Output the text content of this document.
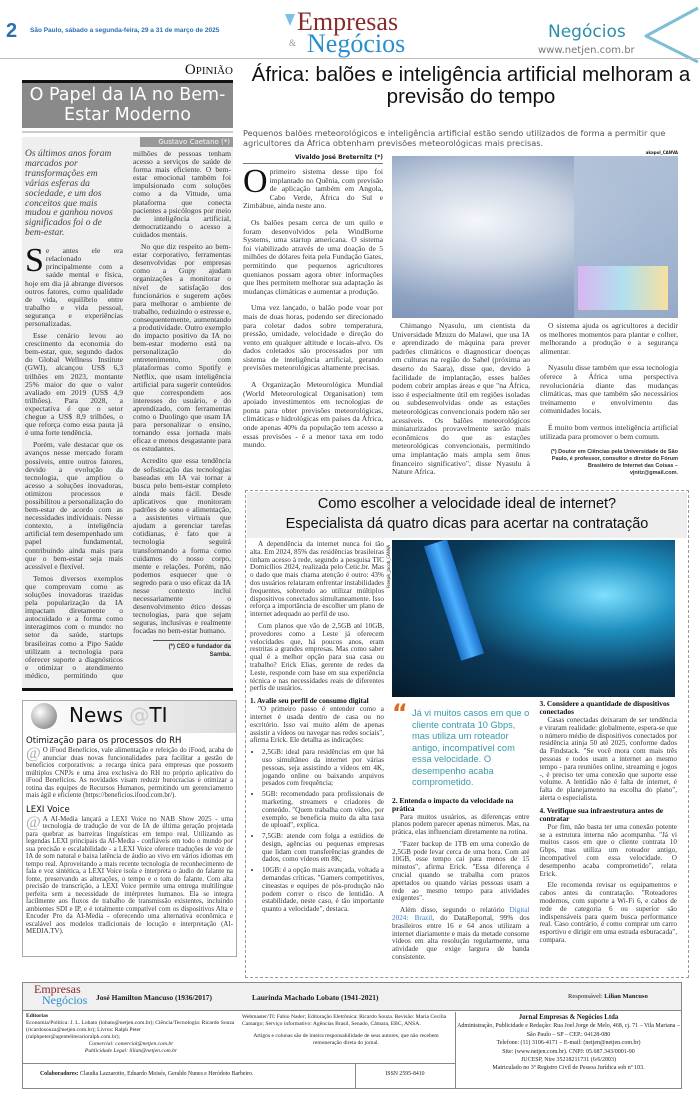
2 São Paulo, sábado a segunda-feira, 29 a 31 de março de 2025	Empresas
& Negócios	Negócios
www.netjen.com.br
Opinião
O Papel da IA no Bem-Estar Moderno
Gustavo Caetano (*)
Os últimos anos foram marcados por transformações em várias esferas da sociedade, e um dos conceitos que mais mudou e ganhou novos significados foi o de bem-estar.

Se antes ele era relacionado principalmente com a saúde mental e física, hoje em dia já abrange diversos outros fatores, como qualidade de vida, equilíbrio entre trabalho e vida pessoal, segurança e experiências personalizadas.

Esse cenário levou ao crescimento da economia do bem-estar, que, segundo dados do Global Wellness Institute (GWI), alcançou US$ 6,3 trilhões em 2023, montante 25% maior do que o valor avaliado em 2019 (US$ 4,9 trilhões). Para 2028, a expectativa é que o setor chegue a US$ 8,9 trilhões, o que reforça como essa pauta já é uma forte tendência.

Porém, vale destacar que os avanços nesse mercado foram possíveis, entre outros fatores, devido a evolução da tecnologia, que ampliou o acesso a soluções inovadoras, otimizou processos e possibilitou a personalização do bem-estar de acordo com as necessidades individuais. Nesse contexto, a inteligência artificial tem desempenhado um papel fundamental, contribuindo ainda mais para que o bem-estar seja mais acessível e flexível.

Temos diversos exemplos que comprovam como as soluções inovadoras trazidas pela popularização da IA impactam diretamente o autocuidado e a forma como interagimos com o mundo: no setor da saúde, startups brasileiras como a Pipo Saúde utilizam a tecnologia para oferecer suporte a diagnósticos e otimizar o atendimento médico, permitindo que milhões de pessoas tenham acesso a serviços de saúde de forma mais eficiente. O bem-estar emocional também foi impulsionado com soluções como a da Vittude, uma plataforma que conecta pacientes a psicólogos por meio de inteligência artificial, democratizando o acesso a cuidados mentais.

No que diz respeito ao bem-estar corporativo, ferramentas desenvolvidas por empresas como a Gupy ajudam organizações a monitorar o nível de satisfação dos funcionários e sugerem ações para melhorar o ambiente de trabalho, reduzindo o estresse e, consequentemente, aumentando a produtividade. Outro exemplo do impacto positivo da IA no bem-estar moderno está na personalização do entretenimento, com plataformas como Spotify e Netflix, que usam inteligência artificial para sugerir conteúdos que correspondem aos interesses do usuário, e do aprendizado, com ferramentas como o Duolingo que usam IA para personalizar o ensino, tornando essa jornada mais eficaz e menos desgastante para os estudantes.

Acredito que essa tendência de sofisticação das tecnologias baseadas em IA vai tornar a busca pelo bem-estar completo ainda mais fácil. Desde aplicativos que monitoram padrões de sono e alimentação, a assistentes virtuais que ajudam a gerenciar tarefas cotidianas, é fato que a tecnologia seguirá transformando a forma como cuidamos do nosso corpo, mente e relações. Porém, não podemos esquecer que o segredo para o uso eficaz da IA nesse contexto inclui necessariamente o desenvolvimento ético dessas tecnologias, para que sejam seguras, inclusivas e realmente focadas no bem-estar humano.

(*) CEO e fundador da Samba.
África: balões e inteligência artificial melhoram a previsão do tempo
Pequenos balões meteorológicos e inteligência artificial estão sendo utilizados de forma a permitir que agricultores da África obtenham previsões meteorológicas mais precisas.
Vivaldo José Breternitz (*)

Oprimeiro sistema desse tipo foi implantado no Quênia, com previsão de aplicação também em Angola, Cabo Verde, África do Sul e Zimbábue, ainda neste ano.

Os balões pesam cerca de um quilo e foram desenvolvidos pela WindBorne Systems, uma startup americana. O sistema foi viabilizado através de uma doação de 5 milhões de dólares feita pela Fundação Gates, permitindo que pequenos agricultores quenianos possam agora obter informações que lhes permitem melhorar sua adaptação às mudanças climáticas e aumentar a produção.

Uma vez lançado, o balão pode voar por mais de duas horas, podendo ser direcionado para coletar dados sobre temperatura, pressão, umidade, velocidade e direção do vento em qualquer altitude e locais-alvo. Os dados coletados são processados por um sistema de inteligência artificial, gerando previsões meteorológicas altamente precisas.

A Organização Meteorológica Mundial (World Meteorological Organisation) tem apoiado investimentos em tecnologias de ponta para obter previsões meteorológicas, climáticas e hidrológicas em países da África, onde apenas 40% da população tem acesso a essas previsões - é a menor taxa em todo mundo.

akapol_CANVA

Chimango Nyasulu, um cientista da Universidade Mzuzu do Malawi, que usa IA e aprendizado de máquina para prever padrões climáticos e diagnosticar doenças em culturas na região do Sahel (próxima ao deserto do Saara), disse que, devido à facilidade de implantação, esses balões podem cobrir amplas áreas e que "na África, isso é especialmente útil em regiões isoladas ou subdesenvolvidas onde as estações meteorológicas convencionais podem não ser acessíveis. Os balões meteorológicos miniaturizados provavelmente serão mais econômicos do que as estações meteorológicas convencionais, permitindo uma implantação mais ampla sem ônus financeiro significativo", disse Nyasulu à Nature Africa.

O sistema ajuda os agricultores a decidir os melhores momentos para plantar e colher, melhorando a produção e a segurança alimentar.

Nyasulu disse também que essa tecnologia oferece à África uma perspectiva revolucionária diante das mudanças climáticas, mas que também são necessários treinamento e envolvimento das comunidades locais.

É muito bom vermos inteligência artificial utilizada para promover o bem comum.

(*) Doutor em Ciências pela Universidade de São Paulo, é professor, consultor e diretor do Fórum Brasileiro de Internet das Coisas – vjnitz@gmail.com.
Como escolher a velocidade ideal de internet?
Especialista dá quatro dicas para acertar na contratação

A dependência da internet nunca foi tão alta. Em 2024, 85% das residências brasileiras tinham acesso à rede, segundo a pesquisa TIC Domicílios 2024, realizada pelo Cetic.br. Mas o dado que mais chama atenção é outro: 43% dos usuários relataram enfrentar instabilidades frequentes, sobretudo ao utilizar múltiplos dispositivos conectados simultaneamente. Isso reforça a importância de escolher um plano de internet adequado ao perfil de uso.

Com planos que vão de 2,5GB até 10GB, provedores como a Leste já oferecem velocidades que, há poucos anos, eram restritas a grandes empresas. Mas como saber qual é a melhor opção para sua casa ou trabalho? Erick Elias, gerente de redes da Leste, responde com base em sua experiência técnica e nas necessidades reais de diferentes perfis de usuários.

1. Avalie seu perfil de consumo digital

"O primeiro passo é entender como a internet é usada dentro de casa ou no escritório. Isso vai muito além de apenas assistir a vídeos ou navegar nas redes sociais", afirma Erick. Ele detalha as indicações:

• 2,5GB: ideal para residências em que há uso simultâneo da internet por várias pessoas, seja assistindo a vídeos em 4K, jogando online ou baixando arquivos pesados com frequência;
• 5GB: recomendado para profissionais de marketing, streamers e criadores de conteúdo. "Quem trabalha com vídeo, por exemplo, se beneficia muito da alta taxa de upload", explica.
• 7,5GB: atende com folga a estúdios de design, agências ou pequenas empresas que lidam com transferências grandes de dados, como vídeos em 8K;
• 10GB: é a opção mais avançada, voltada a demandas críticas. "Gamers competitivos, cineastas e equipes de pós-produção não podem correr o risco de lentidão. A estabilidade, neste caso, é tão importante quanto a velocidade", destaca.
Freepik_Jacob_CANVA
“ Já vi muitos casos em que o cliente contrata 10 Gbps, mas utiliza um roteador antigo, incompatível com essa velocidade. O desempenho acaba comprometido.
2. Entenda o impacto da velocidade na prática

Para muitos usuários, as diferenças entre planos podem parecer apenas números. Mas, na prática, elas influenciam diretamente na rotina.

"Fazer backup de 1TB em uma conexão de 2,5GB pode levar cerca de uma hora. Com até 10GB, esse tempo cai para menos de 15 minutos", afirma Erick. "Essa diferença é crucial quando se trabalha com prazos apertados ou quando várias pessoas usam a rede ao mesmo tempo para atividades exigentes".

Além disso, segundo o relatório Digital 2024: Brazil, do DataReportal, 99% dos brasileiros entre 16 e 64 anos utilizam a internet diariamente e mais da metade consome vídeos em alta resolução regularmente, uma atividade que exige largura de banda consistente.

3. Considere a quantidade de dispositivos conectados

Casas conectadas deixaram de ser tendência e viraram realidade: globalmente, espera-se que o número médio de dispositivos conectados por residência atinja 50 até 2025, conforme dados da Findstack. "Se você mora com mais três pessoas e todos usam a internet ao mesmo tempo - para reuniões online, streaming e jogos -, é preciso ter uma conexão que suporte esse volume. A lentidão não é falta de internet, é falta de planejamento na escolha do plano", alerta o especialista.

4. Verifique sua infraestrutura antes de contratar

Por fim, não basta ter uma conexão potente se a estrutura interna não acompanha. "Já vi muitos casos em que o cliente contrata 10 Gbps, mas utiliza um roteador antigo, incompatível com essa velocidade. O desempenho acaba comprometido", relata Erick.

Ele recomenda revisar os equipamentos e cabos antes da contratação. "Roteadores modernos, com suporte a Wi-Fi 6, e cabos de rede de categoria 6 ou superior são indispensáveis para quem busca performance real. Caso contrário, é como comprar um carro esportivo e dirigir em uma estrada esburacada", compara.

News @TI
Otimização para os processos do RH
@ O iFood Benefícios, vale alimentação e refeição do iFood, acaba de anunciar duas novas funcionalidades para facilitar a gestão de benefícios corporativos: a recarga única para empresas que possuem múltiplos CNPJs e uma área exclusiva do RH no próprio aplicativo do iFood Benefícios. As novidades visam reduzir burocracias e otimizar a rotina das equipes de Recursos Humanos, permitindo um gerenciamento mais ágil e eficiente (https://beneficios.ifood.com.br/).
LEXI Voice
@ A AI-Media lançará a LEXI Voice no NAB Show 2025 - uma tecnologia de tradução de voz de IA de última geração projetada para quebrar as barreiras linguísticas em tempo real. Utilizando as legendas LEXI principais da AI-Media - confiáveis em todo o mundo por sua precisão e escalabilidade - a LEXI Voice oferece traduções de voz de IA de som natural e baixa latência de áudio ao vivo em vários idiomas em tempo real. Aproveitando a mais recente tecnologia de reconhecimento de fala e voz sintética, a LEXI Voice isola e interpreta o áudio do falante na fonte, preservando as alterações, o tempo e o tom do falante. Com alta precisão de transcrição, a LEXI Voice permite uma entrega multilíngue perfeita sem a necessidade de intérpretes humanos. Ela se integra facilmente aos fluxos de trabalho de transmissão existentes, incluindo ambientes SDI e IP, e é totalmente compatível com os dispositivos Alta e Encoder Pro da AI-Media - oferecendo uma alternativa econômica e escalável aos modelos tradicionais de locução e interpretação (AI-MEDIA.TV).
Empresas
Negócios José Hamilton Mancuso (1936/2017)	Laurinda Machado Lobato (1941-2021)	Responsável: Lilian Mancuso
Editorias
Economia/Política: J. L. Lobato (lobato@netjen.com.br); Ciência/Tecnologia: Ricardo Souza (ricardosouza@netjen.com.br); Livros: Ralph Peter (ralphpeter@agenteliterarioralph.com.br);
Comercial: comercial@netjen.com.br
Publicidade Legal: lilian@netjen.com.br
Webmaster/TI: Fabio Nader; Editoração Eletrônica: Ricardo Souza. Revisão: Maria Cecília Camargo; Serviço informativo: Agências Brasil, Senado, Câmara, EBC, ANSA.
Artigos e colunas são de inteira responsabilidade de seus autores, que não recebem remuneração direta do jornal.
Colaboradores: Claudia Lazzarotto, Eduardo Moisés, Geraldo Nunes e Heródoto Barbeiro.	ISSN 2595-8410
Jornal Empresas & Negócios Ltda
Administração, Publicidade e Redação: Rua Joel Jorge de Melo, 468, cj. 71 – Vila Mariana – São Paulo – SP – CEP.: 04128-080
Telefone: (11) 3106-4171 – E-mail: (netjen@netjen.com.br)
Site: (www.netjen.com.br). CNPJ: 05.687.343/0001-90
JUCESP, Nire 35218211731 (6/6/2003)
Matriculado no 3º Registro Civil de Pessoa Jurídica sob nº 103.
